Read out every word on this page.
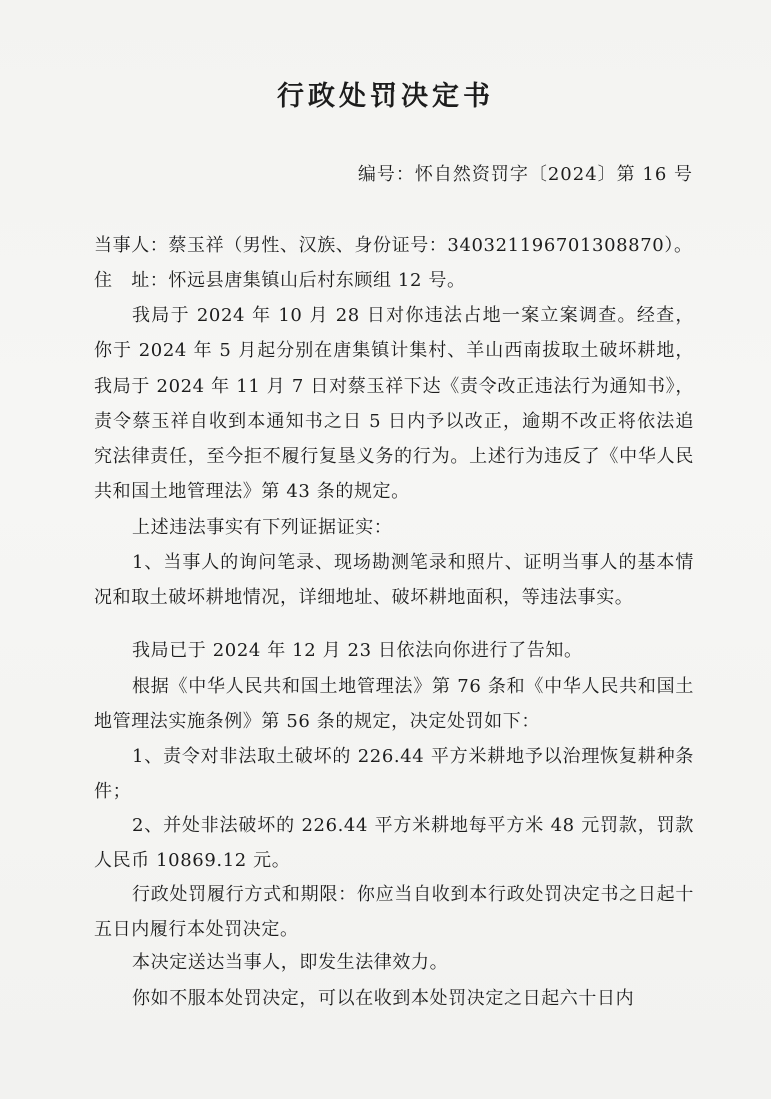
行政处罚决定书
编号：怀自然资罚字〔2024〕第 16 号

当事人：蔡玉祥（男性、汉族、身份证号：340321196701308870）。

住　址：怀远县唐集镇山后村东顾组 12 号。

我局于 2024 年 10 月 28 日对你违法占地一案立案调查。经查，你于 2024 年 5 月起分别在唐集镇计集村、羊山西南拔取土破坏耕地，我局于 2024 年 11 月 7 日对蔡玉祥下达《责令改正违法行为通知书》，责令蔡玉祥自收到本通知书之日 5 日内予以改正，逾期不改正将依法追究法律责任，至今拒不履行复垦义务的行为。上述行为违反了《中华人民共和国土地管理法》第 43 条的规定。

上述违法事实有下列证据证实：

1、当事人的询问笔录、现场勘测笔录和照片、证明当事人的基本情况和取土破坏耕地情况，详细地址、破坏耕地面积，等违法事实。

我局已于 2024 年 12 月 23 日依法向你进行了告知。

根据《中华人民共和国土地管理法》第 76 条和《中华人民共和国土地管理法实施条例》第 56 条的规定，决定处罚如下：

1、责令对非法取土破坏的 226.44 平方米耕地予以治理恢复耕种条件；

2、并处非法破坏的 226.44 平方米耕地每平方米 48 元罚款，罚款人民币 10869.12 元。

行政处罚履行方式和期限：你应当自收到本行政处罚决定书之日起十五日内履行本处罚决定。

本决定送达当事人，即发生法律效力。

你如不服本处罚决定，可以在收到本处罚决定之日起六十日内
